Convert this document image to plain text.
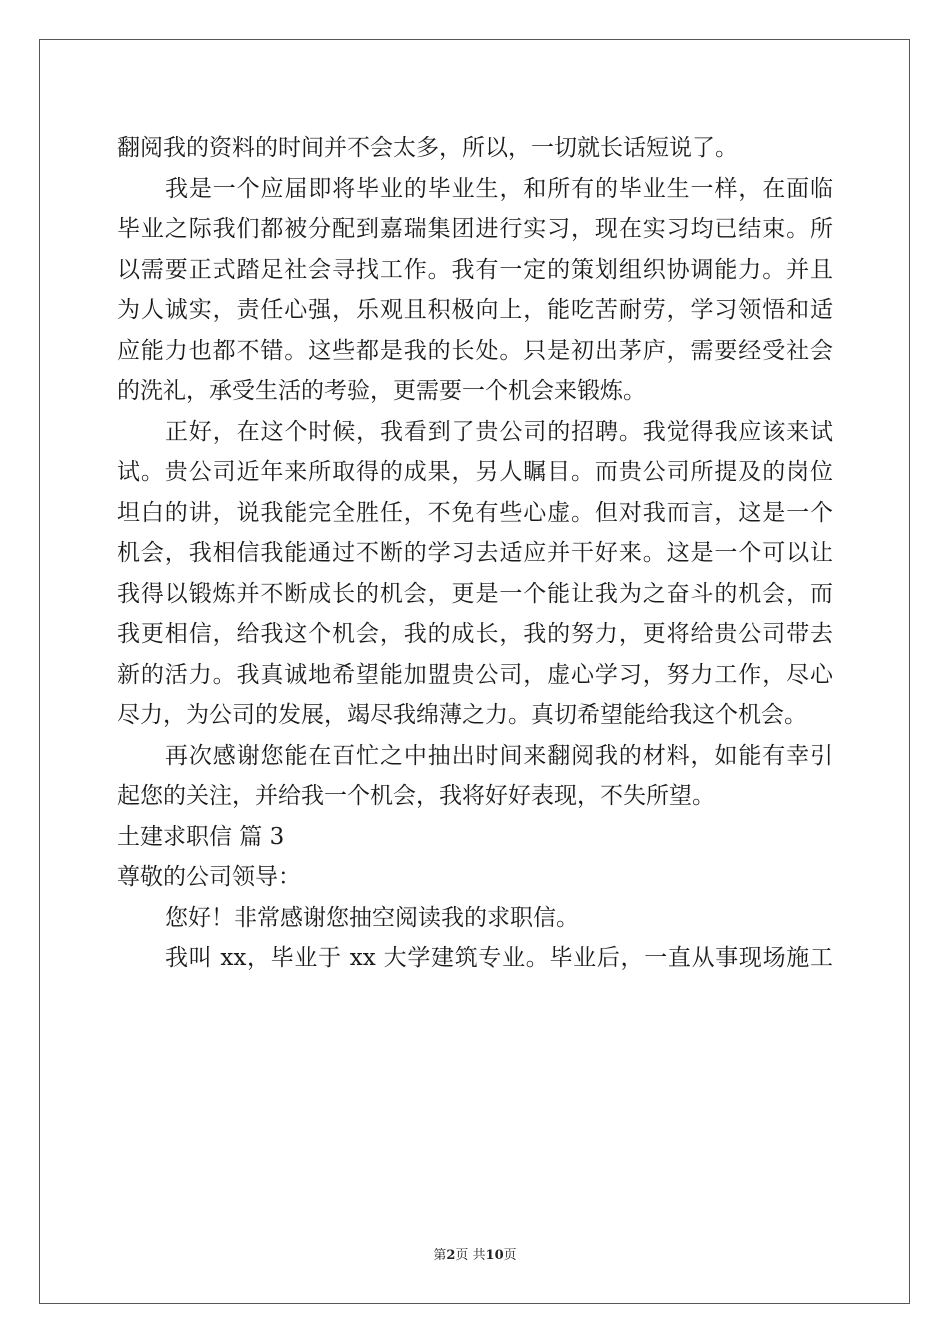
翻阅我的资料的时间并不会太多，所以，一切就长话短说了。
我是一个应届即将毕业的毕业生，和所有的毕业生一样，在面临
毕业之际我们都被分配到嘉瑞集团进行实习，现在实习均已结束。所
以需要正式踏足社会寻找工作。我有一定的策划组织协调能力。并且
为人诚实，责任心强，乐观且积极向上，能吃苦耐劳，学习领悟和适
应能力也都不错。这些都是我的长处。只是初出茅庐，需要经受社会
的洗礼，承受生活的考验，更需要一个机会来锻炼。
正好，在这个时候，我看到了贵公司的招聘。我觉得我应该来试
试。贵公司近年来所取得的成果，另人瞩目。而贵公司所提及的岗位
坦白的讲，说我能完全胜任，不免有些心虚。但对我而言，这是一个
机会，我相信我能通过不断的学习去适应并干好来。这是一个可以让
我得以锻炼并不断成长的机会，更是一个能让我为之奋斗的机会，而
我更相信，给我这个机会，我的成长，我的努力，更将给贵公司带去
新的活力。我真诚地希望能加盟贵公司，虚心学习，努力工作，尽心
尽力，为公司的发展，竭尽我绵薄之力。真切希望能给我这个机会。
再次感谢您能在百忙之中抽出时间来翻阅我的材料，如能有幸引
起您的关注，并给我一个机会，我将好好表现，不失所望。
土建求职信 篇 3
尊敬的公司领导：
您好！非常感谢您抽空阅读我的求职信。
我叫 xx，毕业于 xx 大学建筑专业。毕业后，一直从事现场施工
第2页 共10页
